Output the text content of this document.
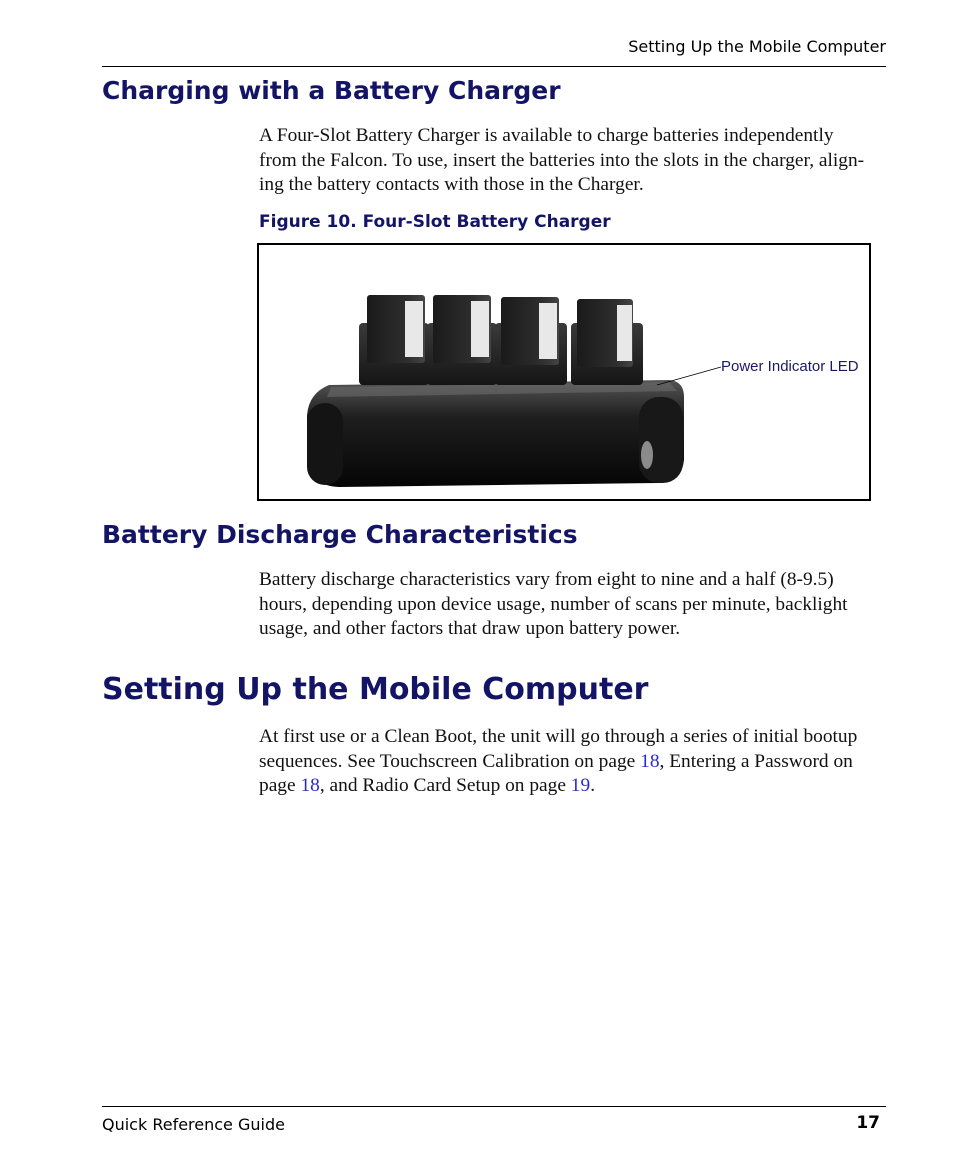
Setting Up the Mobile Computer
Charging with a Battery Charger
A Four-Slot Battery Charger is available to charge batteries independently
from the Falcon. To use, insert the batteries into the slots in the charger, align-
ing the battery contacts with those in the Charger.
Figure 10. Four-Slot Battery Charger
Power Indicator LED
Battery Discharge Characteristics
Battery discharge characteristics vary from eight to nine and a half (8-9.5)
hours, depending upon device usage, number of scans per minute, backlight
usage, and other factors that draw upon battery power.
Setting Up the Mobile Computer
At first use or a Clean Boot, the unit will go through a series of initial bootup
sequences. See Touchscreen Calibration on page 18, Entering a Password on
page 18, and Radio Card Setup on page 19.
Quick Reference Guide	17
